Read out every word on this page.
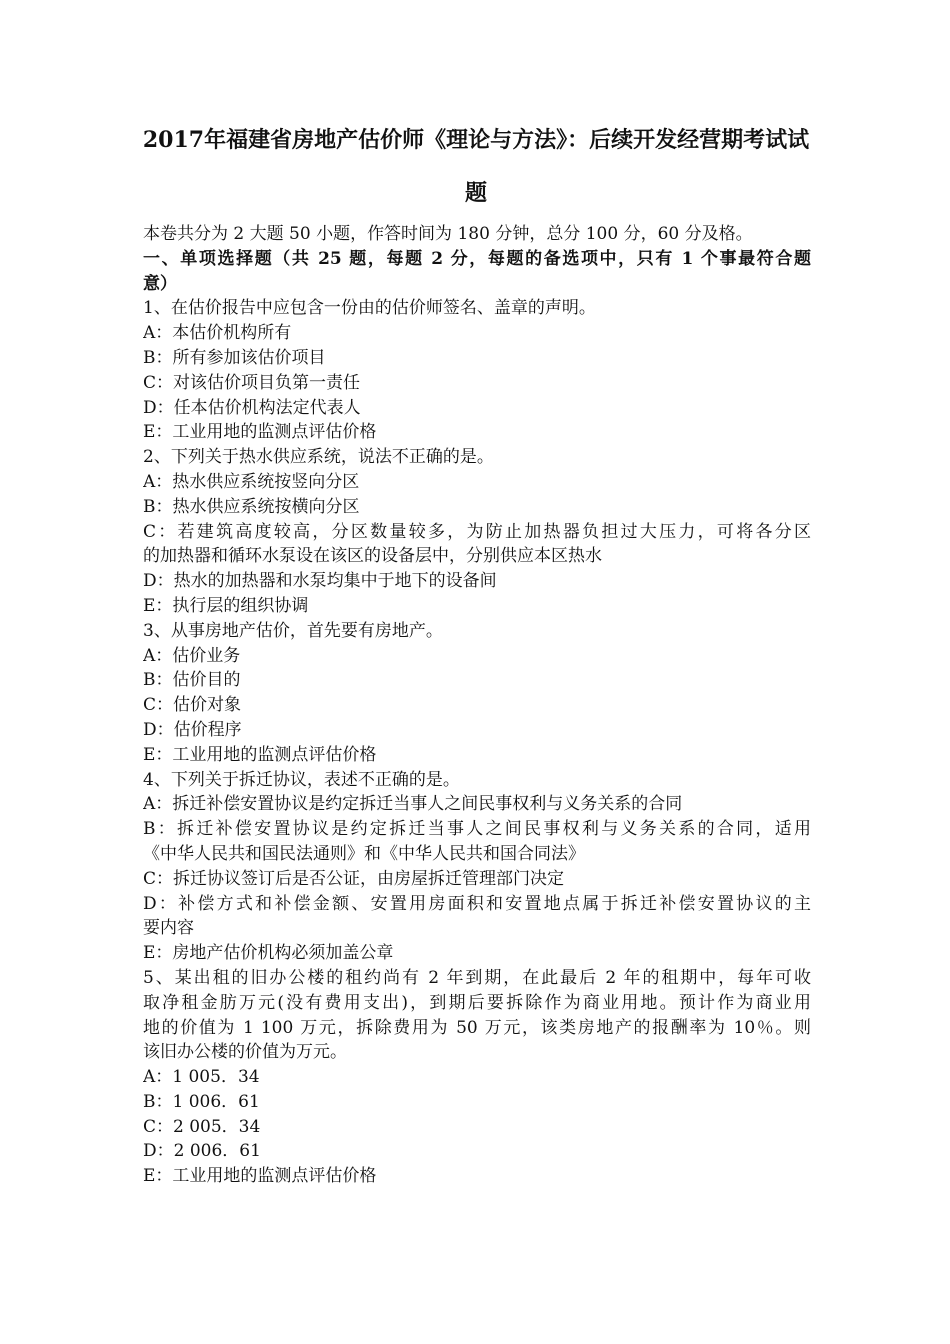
2017年福建省房地产估价师《理论与方法》：后续开发经营期考试试
题
本卷共分为 2 大题 50 小题，作答时间为 180 分钟，总分 100 分，60 分及格。
一、单项选择题（共 25 题，每题 2 分，每题的备选项中，只有 1 个事最符合题
意）
1、在估价报告中应包含一份由的估价师签名、盖章的声明。
A：本估价机构所有
B：所有参加该估价项目
C：对该估价项目负第一责任
D：任本估价机构法定代表人
E：工业用地的监测点评估价格
2、下列关于热水供应系统，说法不正确的是。
A：热水供应系统按竖向分区
B：热水供应系统按横向分区
C：若建筑高度较高，分区数量较多，为防止加热器负担过大压力，可将各分区
的加热器和循环水泵设在该区的设备层中，分别供应本区热水
D：热水的加热器和水泵均集中于地下的设备间
E：执行层的组织协调
3、从事房地产估价，首先要有房地产。
A：估价业务
B：估价目的
C：估价对象
D：估价程序
E：工业用地的监测点评估价格
4、下列关于拆迁协议，表述不正确的是。
A：拆迁补偿安置协议是约定拆迁当事人之间民事权利与义务关系的合同
B：拆迁补偿安置协议是约定拆迁当事人之间民事权利与义务关系的合同，适用
《中华人民共和国民法通则》和《中华人民共和国合同法》
C：拆迁协议签订后是否公证，由房屋拆迁管理部门决定
D：补偿方式和补偿金额、安置用房面积和安置地点属于拆迁补偿安置协议的主
要内容
E：房地产估价机构必须加盖公章
5、某出租的旧办公楼的租约尚有 2 年到期，在此最后 2 年的租期中，每年可收
取净租金肪万元(没有费用支出)，到期后要拆除作为商业用地。预计作为商业用
地的价值为 1 100 万元，拆除费用为 50 万元，该类房地产的报酬率为 10％。则
该旧办公楼的价值为万元。
A：1 005．34
B：1 006．61
C：2 005．34
D：2 006．61
E：工业用地的监测点评估价格
